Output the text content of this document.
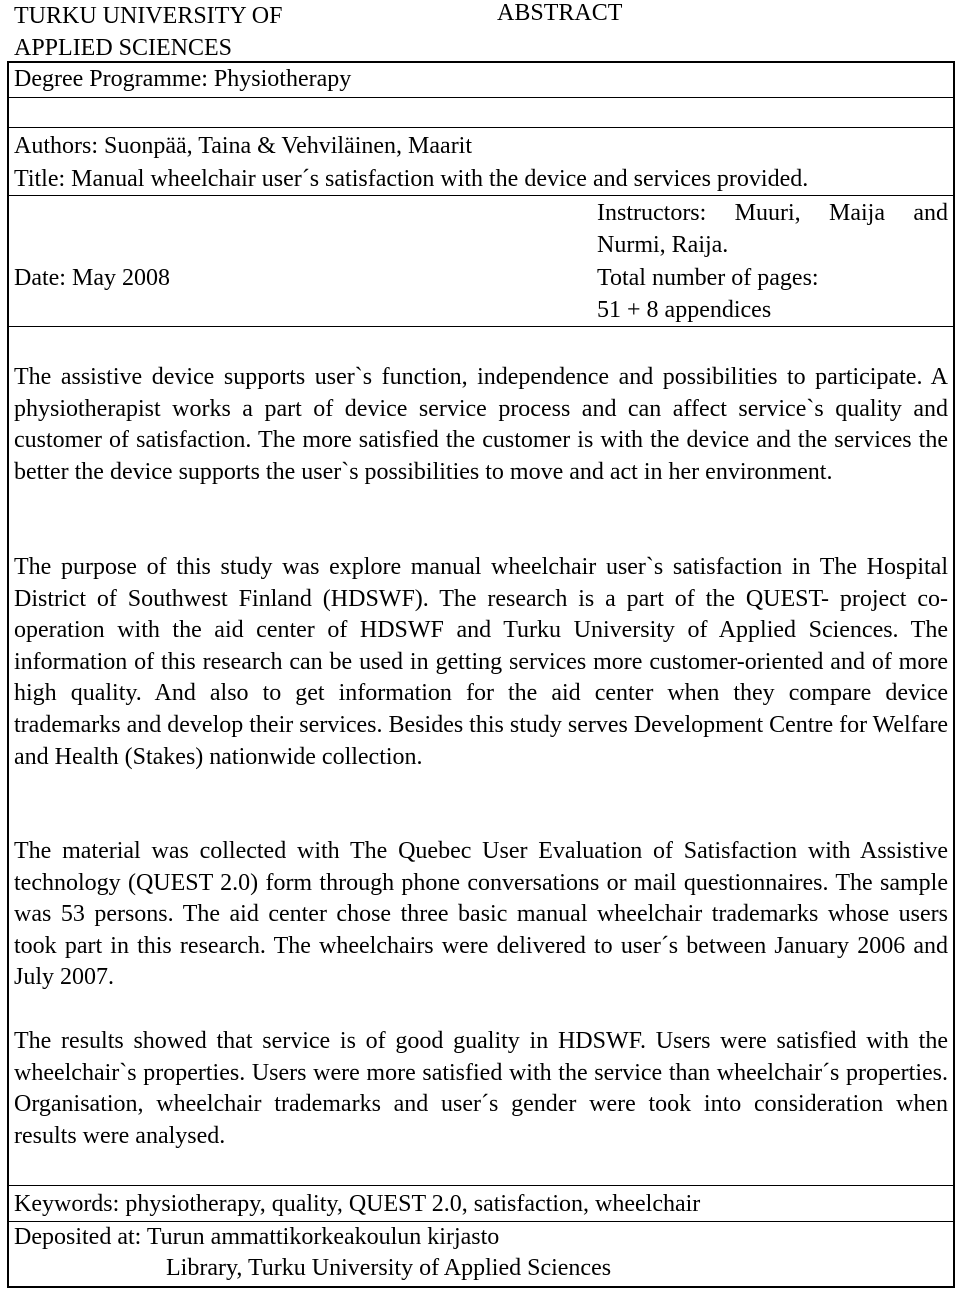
TURKU UNIVERSITY OF
APPLIED SCIENCES
ABSTRACT
Degree Programme: Physiotherapy
Authors: Suonpää, Taina & Vehviläinen, Maarit
Title: Manual wheelchair user´s satisfaction with the device and services provided.
Instructors: Muuri, Maija and
Nurmi, Raija.
Date: May 2008	Total number of pages:
51 + 8 appendices

The assistive device supports user`s function, independence and possibilities to participate. A physiotherapist works a part of device service process and can affect service`s quality and customer of satisfaction. The more satisfied the customer is with the device and the services the better the device supports the user`s possibilities to move and act in her environment.

The purpose of this study was explore manual wheelchair user`s satisfaction in The Hospital District of Southwest Finland (HDSWF). The research is a part of the QUEST- project co-operation with the aid center of HDSWF and Turku University of Applied Sciences. The information of this research can be used in getting services more customer-oriented and of more high quality. And also to get information for the aid center when they compare device trademarks and develop their services. Besides this study serves Development Centre for Welfare and Health (Stakes) nationwide collection.

The material was collected with The Quebec User Evaluation of Satisfaction with Assistive technology (QUEST 2.0) form through phone conversations or mail questionnaires. The sample was 53 persons. The aid center chose three basic manual wheelchair trademarks whose users took part in this research. The wheelchairs were delivered to user´s between January 2006 and July 2007.

The results showed that service is of good guality in HDSWF. Users were satisfied with the wheelchair`s properties. Users were more satisfied with the service than wheelchair´s properties. Organisation, wheelchair trademarks and user´s gender were took into consideration when results were analysed.

Keywords: physiotherapy, quality, QUEST 2.0, satisfaction, wheelchair
Deposited at: Turun ammattikorkeakoulun kirjasto
Library, Turku University of Applied Sciences
